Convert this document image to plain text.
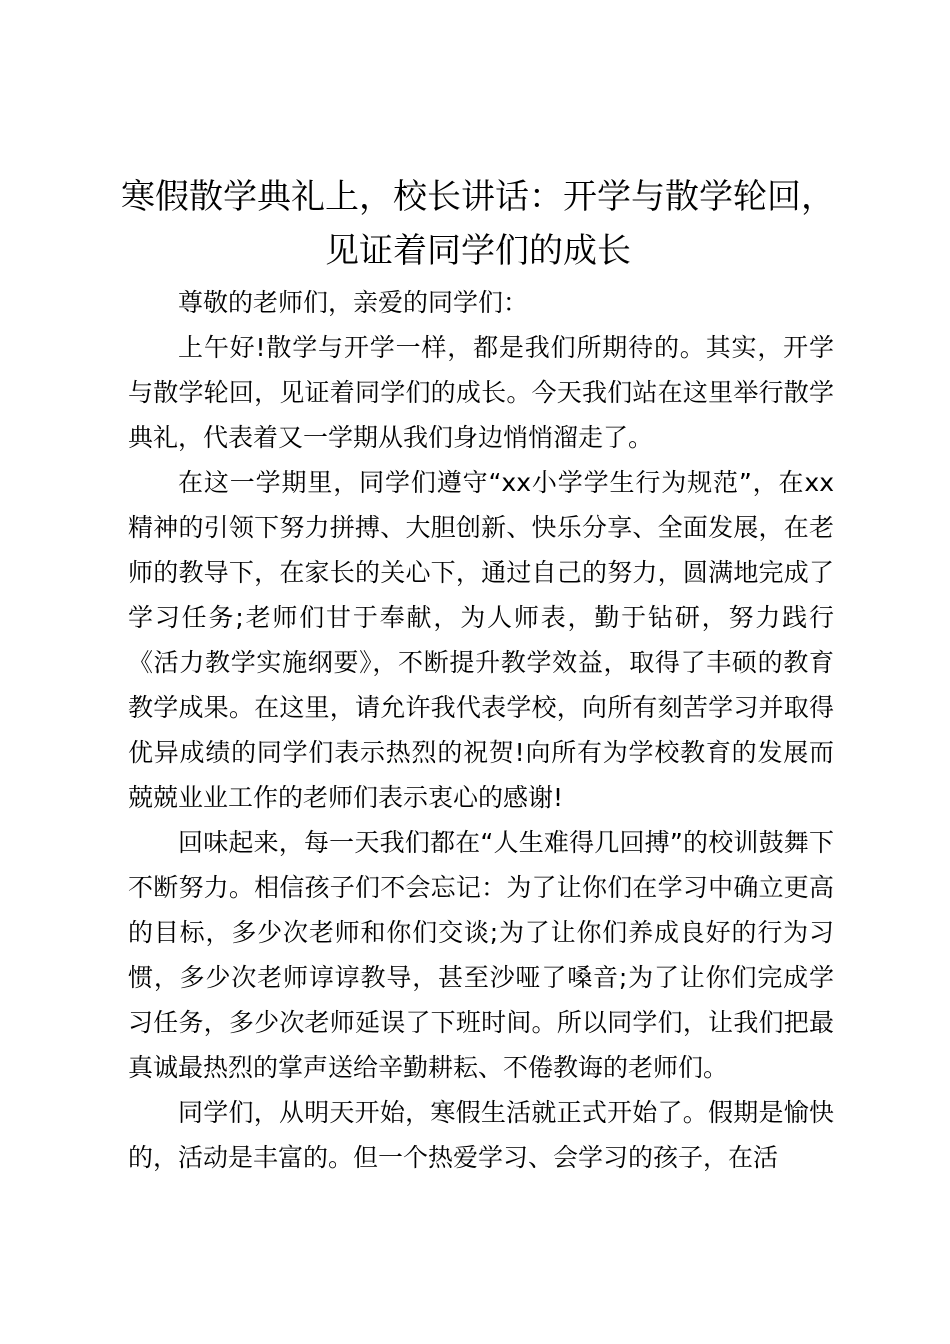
寒假散学典礼上，校长讲话：开学与散学轮回，见证着同学们的成长

尊敬的老师们，亲爱的同学们：

上午好!散学与开学一样，都是我们所期待的。其实，开学与散学轮回，见证着同学们的成长。今天我们站在这里举行散学典礼，代表着又一学期从我们身边悄悄溜走了。

在这一学期里，同学们遵守“xx小学学生行为规范”，在xx精神的引领下努力拼搏、大胆创新、快乐分享、全面发展，在老师的教导下，在家长的关心下，通过自己的努力，圆满地完成了学习任务;老师们甘于奉献，为人师表，勤于钻研，努力践行《活力教学实施纲要》，不断提升教学效益，取得了丰硕的教育教学成果。在这里，请允许我代表学校，向所有刻苦学习并取得优异成绩的同学们表示热烈的祝贺!向所有为学校教育的发展而兢兢业业工作的老师们表示衷心的感谢!

回味起来，每一天我们都在“人生难得几回搏”的校训鼓舞下不断努力。相信孩子们不会忘记：为了让你们在学习中确立更高的目标，多少次老师和你们交谈;为了让你们养成良好的行为习惯，多少次老师谆谆教导，甚至沙哑了嗓音;为了让你们完成学习任务，多少次老师延误了下班时间。所以同学们，让我们把最真诚最热烈的掌声送给辛勤耕耘、不倦教诲的老师们。

同学们，从明天开始，寒假生活就正式开始了。假期是愉快的，活动是丰富的。但一个热爱学习、会学习的孩子，在活
